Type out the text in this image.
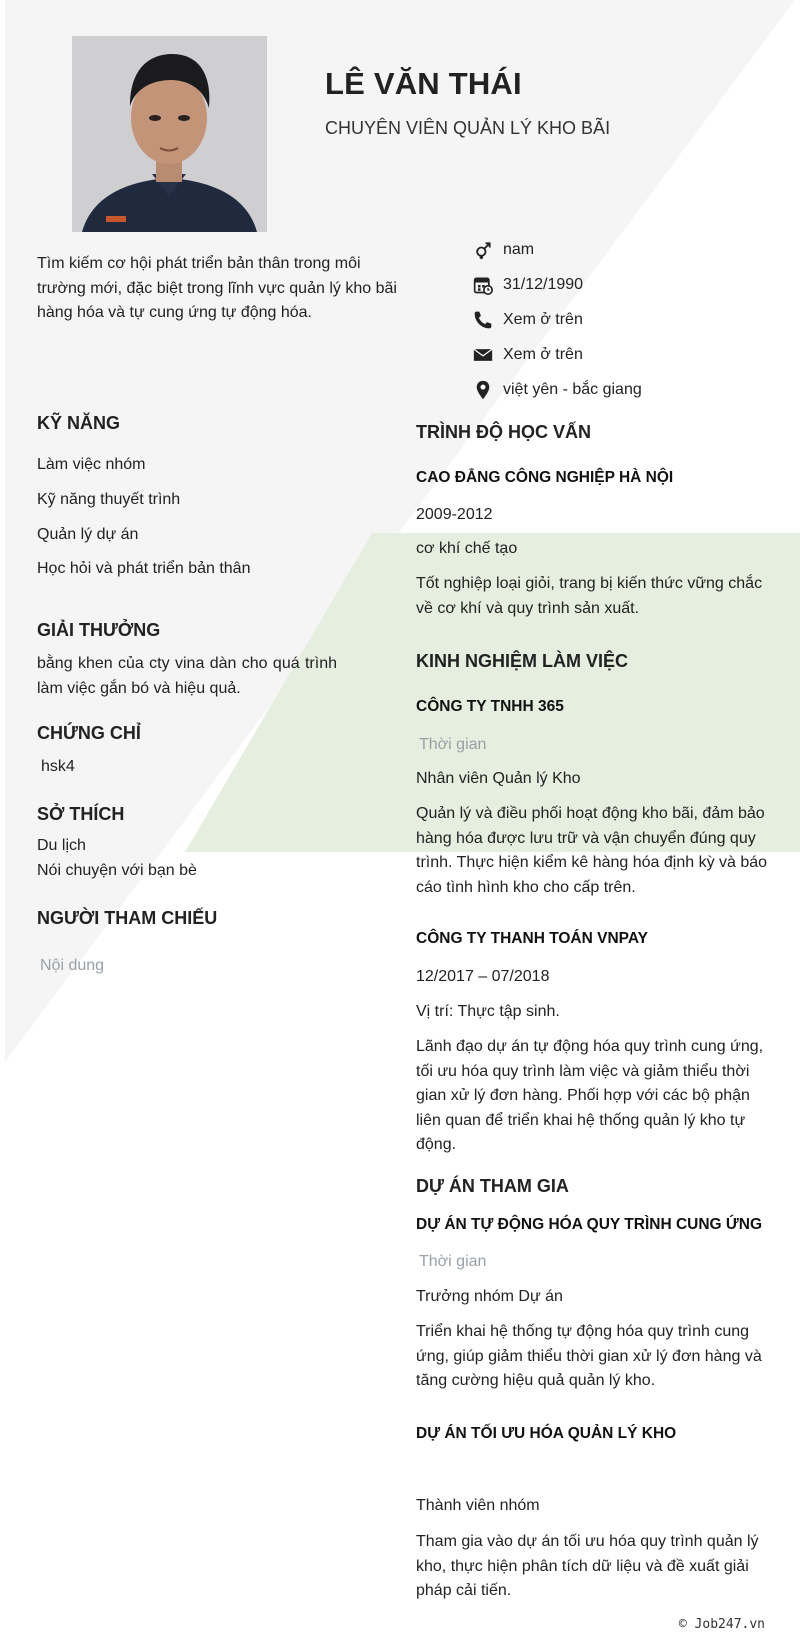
LÊ VĂN THÁI
CHUYÊN VIÊN QUẢN LÝ KHO BÃI
Tìm kiếm cơ hội phát triển bản thân trong môi trường mới, đặc biệt trong lĩnh vực quản lý kho bãi hàng hóa và tự cung ứng tự động hóa.
nam
31/12/1990
Xem ở trên
Xem ở trên
việt yên - bắc giang
KỸ NĂNG
Làm việc nhóm
Kỹ năng thuyết trình
Quản lý dự án
Học hỏi và phát triển bản thân
GIẢI THƯỞNG
bằng khen của cty vina dàn cho quá trình làm việc gắn bó và hiệu quả.
CHỨNG CHỈ
hsk4
SỞ THÍCH
Du lịch
Nói chuyện với bạn bè
NGƯỜI THAM CHIẾU
Nội dung
TRÌNH ĐỘ HỌC VẤN
CAO ĐẲNG CÔNG NGHIỆP HÀ NỘI
2009-2012
cơ khí chế tạo
Tốt nghiệp loại giỏi, trang bị kiến thức vững chắc về cơ khí và quy trình sản xuất.
KINH NGHIỆM LÀM VIỆC
CÔNG TY TNHH 365
Thời gian
Nhân viên Quản lý Kho
Quản lý và điều phối hoạt động kho bãi, đảm bảo hàng hóa được lưu trữ và vận chuyển đúng quy trình. Thực hiện kiểm kê hàng hóa định kỳ và báo cáo tình hình kho cho cấp trên.
CÔNG TY THANH TOÁN VNPAY
12/2017 – 07/2018
Vị trí: Thực tập sinh.
Lãnh đạo dự án tự động hóa quy trình cung ứng, tối ưu hóa quy trình làm việc và giảm thiểu thời gian xử lý đơn hàng. Phối hợp với các bộ phận liên quan để triển khai hệ thống quản lý kho tự động.
DỰ ÁN THAM GIA
DỰ ÁN TỰ ĐỘNG HÓA QUY TRÌNH CUNG ỨNG
Thời gian
Trưởng nhóm Dự án
Triển khai hệ thống tự động hóa quy trình cung ứng, giúp giảm thiểu thời gian xử lý đơn hàng và tăng cường hiệu quả quản lý kho.
DỰ ÁN TỐI ƯU HÓA QUẢN LÝ KHO
Thành viên nhóm
Tham gia vào dự án tối ưu hóa quy trình quản lý kho, thực hiện phân tích dữ liệu và đề xuất giải pháp cải tiến.
© Job247.vn
